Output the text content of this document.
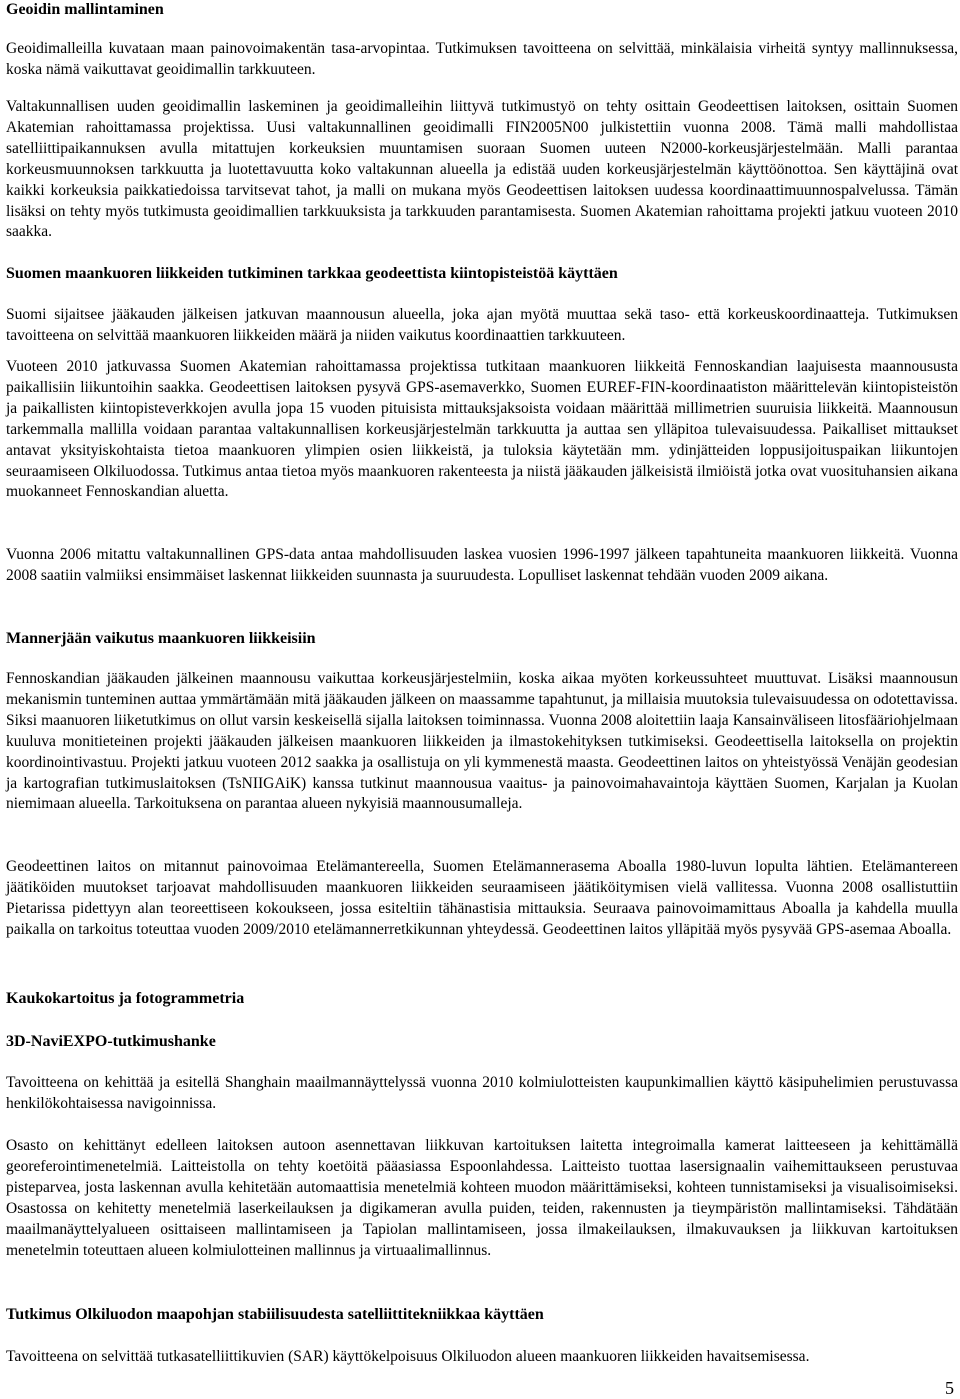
Geoidin mallintaminen

Geoidimalleilla kuvataan maan painovoimakentän tasa-arvopintaa. Tutkimuksen tavoitteena on selvittää, minkälaisia virheitä syntyy mallinnuksessa, koska nämä vaikuttavat geoidimallin tarkkuuteen.

Valtakunnallisen uuden geoidimallin laskeminen ja geoidimalleihin liittyvä tutkimustyö on tehty osittain Geodeettisen laitoksen, osittain Suomen Akatemian rahoittamassa projektissa. Uusi valtakunnallinen geoidimalli FIN2005N00 julkistettiin vuonna 2008. Tämä malli mahdollistaa satelliittipaikannuksen avulla mitattujen korkeuksien muuntamisen suoraan Suomen uuteen N2000-korkeusjärjestelmään. Malli parantaa korkeusmuunnoksen tarkkuutta ja luotettavuutta koko valtakunnan alueella ja edistää uuden korkeusjärjestelmän käyttöönottoa. Sen käyttäjinä ovat kaikki korkeuksia paikkatiedoissa tarvitsevat tahot, ja malli on mukana myös Geodeettisen laitoksen uudessa koordinaattimuunnospalvelussa. Tämän lisäksi on tehty myös tutkimusta geoidimallien tarkkuuksista ja tarkkuuden parantamisesta. Suomen Akatemian rahoittama projekti jatkuu vuoteen 2010 saakka.

Suomen maankuoren liikkeiden tutkiminen tarkkaa geodeettista kiintopisteistöä käyttäen

Suomi sijaitsee jääkauden jälkeisen jatkuvan maannousun alueella, joka ajan myötä muuttaa sekä taso- että korkeuskoordinaatteja. Tutkimuksen tavoitteena on selvittää maankuoren liikkeiden määrä ja niiden vaikutus koordinaattien tarkkuuteen.

Vuoteen 2010 jatkuvassa Suomen Akatemian rahoittamassa projektissa tutkitaan maankuoren liikkeitä Fennoskandian laajuisesta maannoususta paikallisiin liikuntoihin saakka. Geodeettisen laitoksen pysyvä GPS-asemaverkko, Suomen EUREF-FIN-koordinaatiston määrittelevän kiintopisteistön ja paikallisten kiintopisteverkkojen avulla jopa 15 vuoden pituisista mittauksjaksoista voidaan määrittää millimetrien suuruisia liikkeitä. Maannousun tarkemmalla mallilla voidaan parantaa valtakunnallisen korkeusjärjestelmän tarkkuutta ja auttaa sen ylläpitoa tulevaisuudessa. Paikalliset mittaukset antavat yksityiskohtaista tietoa maankuoren ylimpien osien liikkeistä, ja tuloksia käytetään mm. ydinjätteiden loppusijoituspaikan liikuntojen seuraamiseen Olkiluodossa. Tutkimus antaa tietoa myös maankuoren rakenteesta ja niistä jääkauden jälkeisistä ilmiöistä jotka ovat vuosituhansien aikana muokanneet Fennoskandian aluetta.

Vuonna 2006 mitattu valtakunnallinen GPS-data antaa mahdollisuuden laskea vuosien 1996-1997 jälkeen tapahtuneita maankuoren liikkeitä. Vuonna 2008 saatiin valmiiksi ensimmäiset laskennat liikkeiden suunnasta ja suuruudesta. Lopulliset laskennat tehdään vuoden 2009 aikana.

Mannerjään vaikutus maankuoren liikkeisiin

Fennoskandian jääkauden jälkeinen maannousu vaikuttaa korkeusjärjestelmiin, koska aikaa myöten korkeussuhteet muuttuvat. Lisäksi maannousun mekanismin tunteminen auttaa ymmärtämään mitä jääkauden jälkeen on maassamme tapahtunut, ja millaisia muutoksia tulevaisuudessa on odotettavissa. Siksi maanuoren liiketutkimus on ollut varsin keskeisellä sijalla laitoksen toiminnassa. Vuonna 2008 aloitettiin laaja Kansainväliseen litosfääriohjelmaan kuuluva monitieteinen projekti jääkauden jälkeisen maankuoren liikkeiden ja ilmastokehityksen tutkimiseksi. Geodeettisella laitoksella on projektin koordinointivastuu. Projekti jatkuu vuoteen 2012 saakka ja osallistuja on yli kymmenestä maasta. Geodeettinen laitos on yhteistyössä Venäjän geodesian ja kartografian tutkimuslaitoksen (TsNIIGAiK) kanssa tutkinut maannousua vaaitus- ja painovoimahavaintoja käyttäen Suomen, Karjalan ja Kuolan niemimaan alueella. Tarkoituksena on parantaa alueen nykyisiä maannousumalleja.

Geodeettinen laitos on mitannut painovoimaa Etelämantereella, Suomen Etelämannerasema Aboalla 1980-luvun lopulta lähtien. Etelämantereen jäätiköiden muutokset tarjoavat mahdollisuuden maankuoren liikkeiden seuraamiseen jäätiköitymisen vielä vallitessa. Vuonna 2008 osallistuttiin Pietarissa pidettyyn alan teoreettiseen kokoukseen, jossa esiteltiin tähänastisia mittauksia. Seuraava painovoimamittaus Aboalla ja kahdella muulla paikalla on tarkoitus toteuttaa vuoden 2009/2010 etelämannerretkikunnan yhteydessä. Geodeettinen laitos ylläpitää myös pysyvää GPS-asemaa Aboalla.

Kaukokartoitus ja fotogrammetria
3D-NaviEXPO-tutkimushanke

Tavoitteena on kehittää ja esitellä Shanghain maailmannäyttelyssä vuonna 2010 kolmiulotteisten kaupunkimallien käyttö käsipuhelimien perustuvassa henkilökohtaisessa navigoinnissa.

Osasto on kehittänyt edelleen laitoksen autoon asennettavan liikkuvan kartoituksen laitetta integroimalla kamerat laitteeseen ja kehittämällä georeferointimenetelmiä. Laitteistolla on tehty koetöitä pääasiassa Espoonlahdessa. Laitteisto tuottaa lasersignaalin vaihemittaukseen perustuvaa pisteparvea, josta laskennan avulla kehitetään automaattisia menetelmiä kohteen muodon määrittämiseksi, kohteen tunnistamiseksi ja visualisoimiseksi. Osastossa on kehitetty menetelmiä laserkeilauksen ja digikameran avulla puiden, teiden, rakennusten ja tieympäristön mallintamiseksi. Tähdätään maailmanäyttelyalueen osittaiseen mallintamiseen ja Tapiolan mallintamiseen, jossa ilmakeilauksen, ilmakuvauksen ja liikkuvan kartoituksen menetelmin toteuttaen alueen kolmiulotteinen mallinnus ja virtuaalimallinnus.

Tutkimus Olkiluodon maapohjan stabiilisuudesta satelliittitekniikkaa käyttäen

Tavoitteena on selvittää tutkasatelliittikuvien (SAR) käyttökelpoisuus Olkiluodon alueen maankuoren liikkeiden havaitsemisessa.

5
